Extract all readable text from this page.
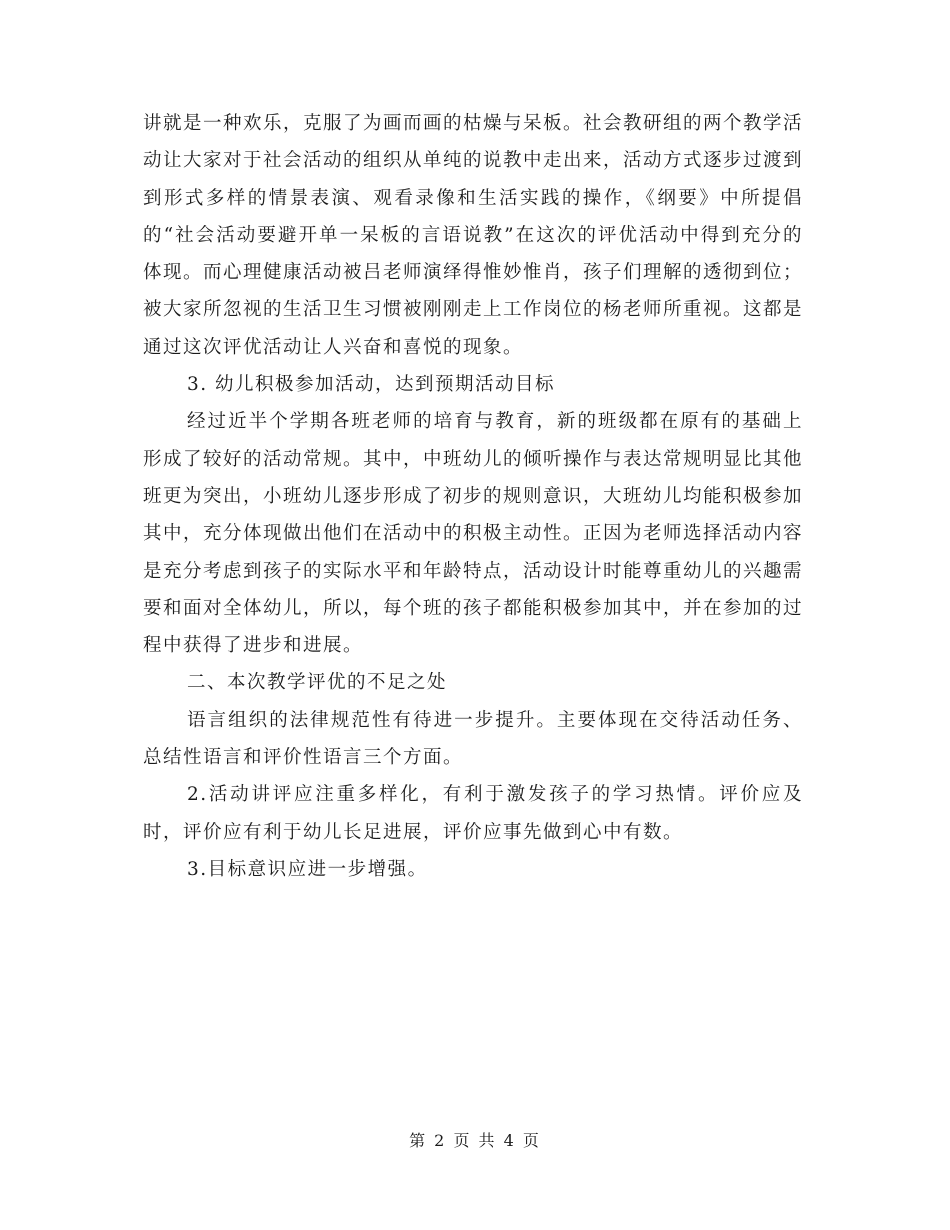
讲就是一种欢乐，克服了为画而画的枯燥与呆板。社会教研组的两个教学活动让大家对于社会活动的组织从单纯的说教中走出来，活动方式逐步过渡到到形式多样的情景表演、观看录像和生活实践的操作，《纲要》中所提倡的“社会活动要避开单一呆板的言语说教”在这次的评优活动中得到充分的体现。而心理健康活动被吕老师演绎得惟妙惟肖，孩子们理解的透彻到位；被大家所忽视的生活卫生习惯被刚刚走上工作岗位的杨老师所重视。这都是通过这次评优活动让人兴奋和喜悦的现象。

3. 幼儿积极参加活动，达到预期活动目标

经过近半个学期各班老师的培育与教育，新的班级都在原有的基础上形成了较好的活动常规。其中，中班幼儿的倾听操作与表达常规明显比其他班更为突出，小班幼儿逐步形成了初步的规则意识，大班幼儿均能积极参加其中，充分体现做出他们在活动中的积极主动性。正因为老师选择活动内容是充分考虑到孩子的实际水平和年龄特点，活动设计时能尊重幼儿的兴趣需要和面对全体幼儿，所以，每个班的孩子都能积极参加其中，并在参加的过程中获得了进步和进展。

二、本次教学评优的不足之处

语言组织的法律规范性有待进一步提升。主要体现在交待活动任务、总结性语言和评价性语言三个方面。

2.活动讲评应注重多样化，有利于激发孩子的学习热情。评价应及时，评价应有利于幼儿长足进展，评价应事先做到心中有数。

3.目标意识应进一步增强。

第 2 页 共 4 页
